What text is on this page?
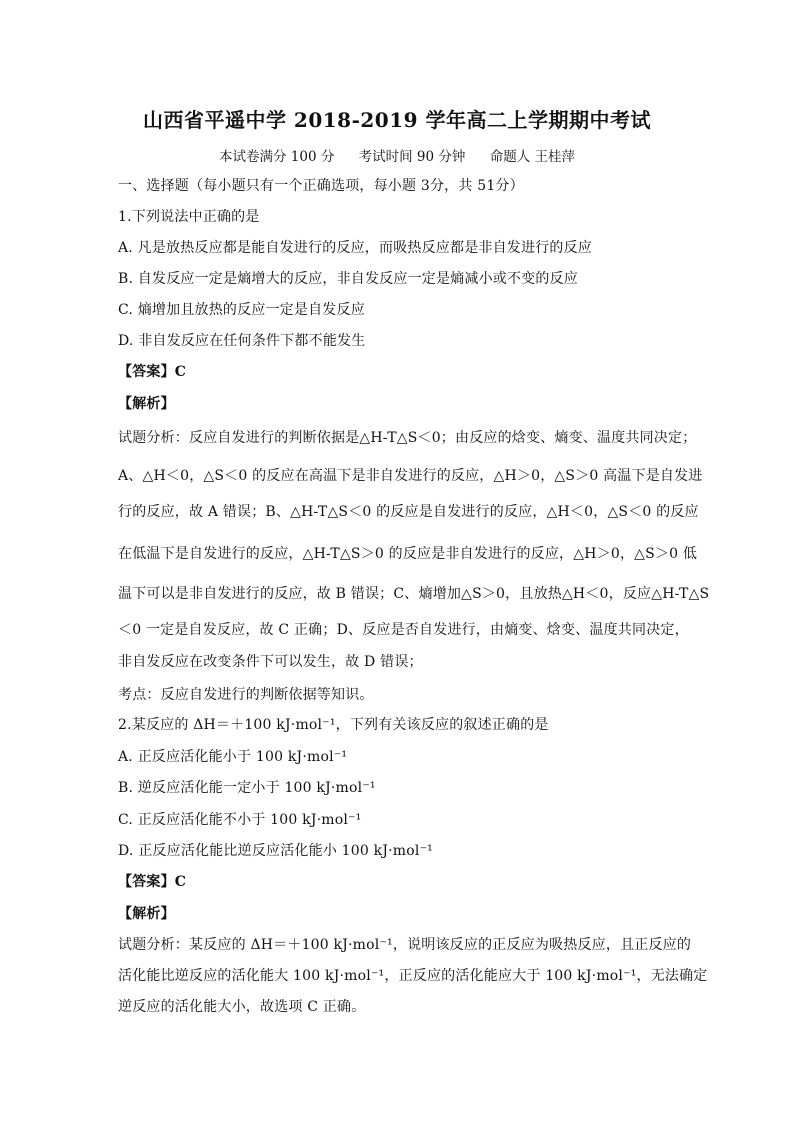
山西省平遥中学 2018-2019 学年高二上学期期中考试
本试卷满分 100 分 考试时间 90 分钟 命题人 王桂萍
一、选择题（每小题只有一个正确选项，每小题 3分，共 51分）
1.下列说法中正确的是
A. 凡是放热反应都是能自发进行的反应，而吸热反应都是非自发进行的反应
B. 自发反应一定是熵增大的反应，非自发反应一定是熵减小或不变的反应
C. 熵增加且放热的反应一定是自发反应
D. 非自发反应在任何条件下都不能发生
【答案】C
【解析】
试题分析：反应自发进行的判断依据是△H-T△S＜0；由反应的焓变、熵变、温度共同决定；
A、△H＜0，△S＜0 的反应在高温下是非自发进行的反应，△H＞0，△S＞0 高温下是自发进
行的反应，故 A 错误；B、△H-T△S＜0 的反应是自发进行的反应，△H＜0，△S＜0 的反应
在低温下是自发进行的反应，△H-T△S＞0 的反应是非自发进行的反应，△H＞0，△S＞0 低
温下可以是非自发进行的反应，故 B 错误；C、熵增加△S＞0，且放热△H＜0，反应△H-T△S
＜0 一定是自发反应，故 C 正确；D、反应是否自发进行，由熵变、焓变、温度共同决定，
非自发反应在改变条件下可以发生，故 D 错误；
考点：反应自发进行的判断依据等知识。
2.某反应的 ΔH＝＋100 kJ·mol⁻¹，下列有关该反应的叙述正确的是
A. 正反应活化能小于 100 kJ·mol⁻¹
B. 逆反应活化能一定小于 100 kJ·mol⁻¹
C. 正反应活化能不小于 100 kJ·mol⁻¹
D. 正反应活化能比逆反应活化能小 100 kJ·mol⁻¹
【答案】C
【解析】
试题分析：某反应的 ΔH＝＋100 kJ·mol⁻¹，说明该反应的正反应为吸热反应，且正反应的
活化能比逆反应的活化能大 100 kJ·mol⁻¹，正反应的活化能应大于 100 kJ·mol⁻¹，无法确定
逆反应的活化能大小，故选项 C 正确。
